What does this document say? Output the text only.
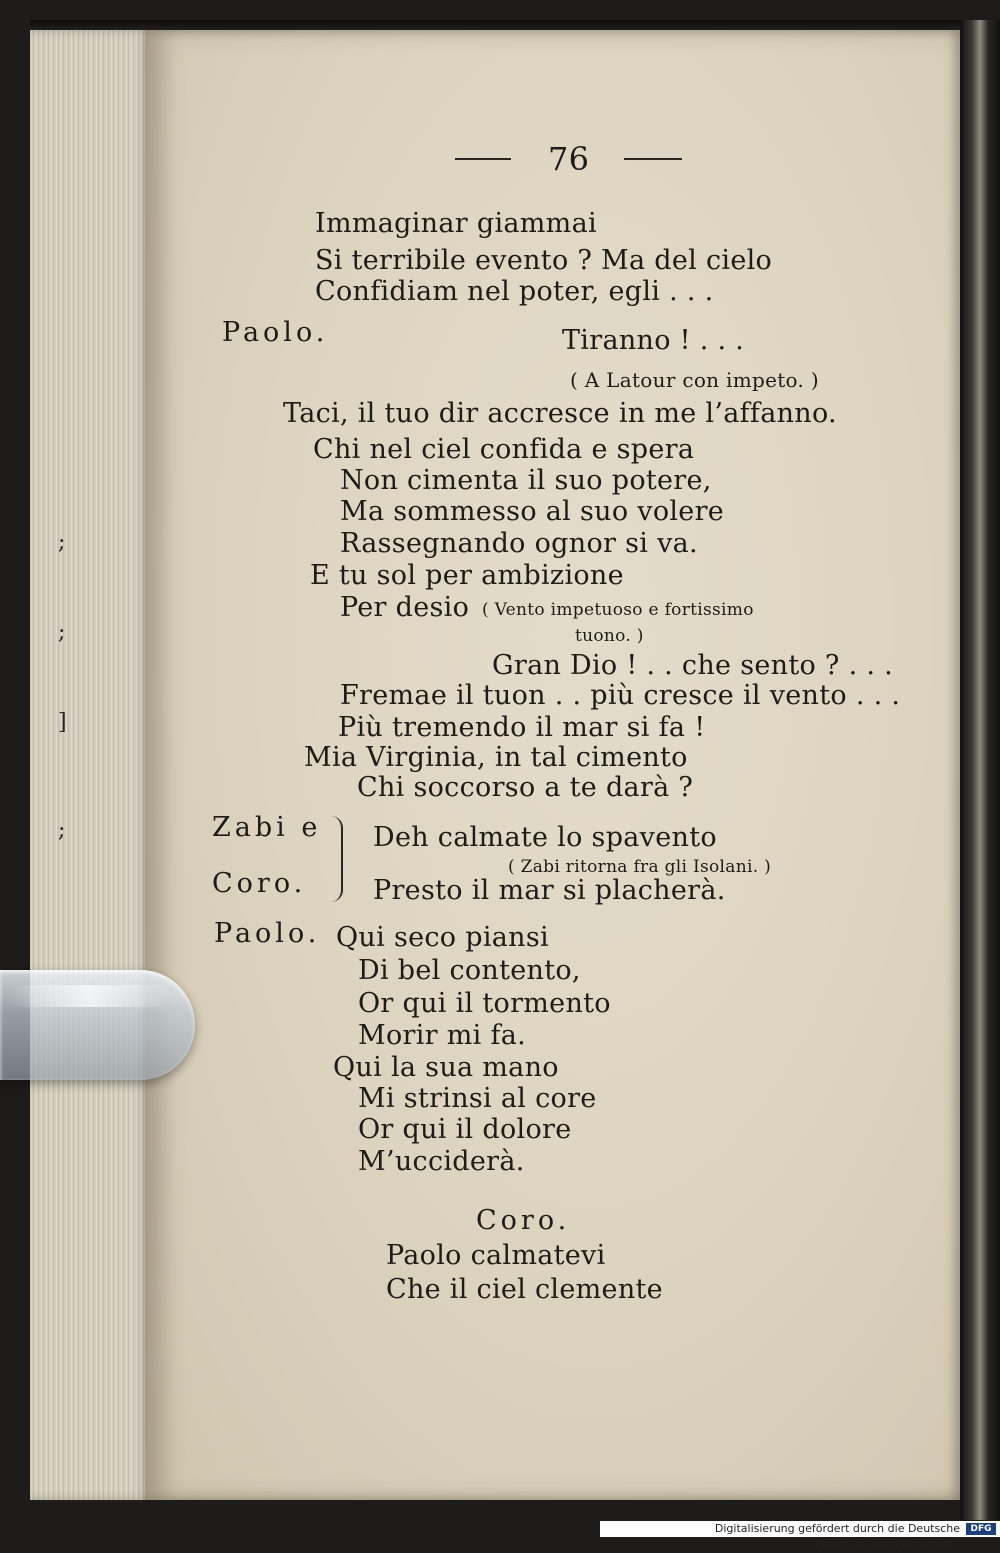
;
;
]
;
76
Immaginar giammai
Si terribile evento ? Ma del cielo
Confidiam nel poter, egli . . .
Paolo.	Tiranno ! . . .
( A Latour con impeto. )
Taci, il tuo dir accresce in me l’affanno.
Chi nel ciel confida e spera
Non cimenta il suo potere,
Ma sommesso al suo volere
Rassegnando ognor si va.
E tu sol per ambizione
Per desio ( Vento impetuoso e fortissimo
tuono. )
Gran Dio ! . . che sento ? . . .
Fremae il tuon . . più cresce il vento . . .
Più tremendo il mar si fa !
Mia Virginia, in tal cimento
Chi soccorso a te darà ?
Zabi e Deh calmate lo spavento
( Zabi ritorna fra gli Isolani. )
Coro. Presto il mar si placherà.
Paolo. Qui seco piansi
Di bel contento,
Or qui il tormento
Morir mi fa.
Qui la sua mano
Mi strinsi al core
Or qui il dolore
M’ucciderà.
Coro.
Paolo calmatevi
Che il ciel clemente
Digitalisierung gefördert durch die Deutsche Forschungsgemeinschaft -
DFG
